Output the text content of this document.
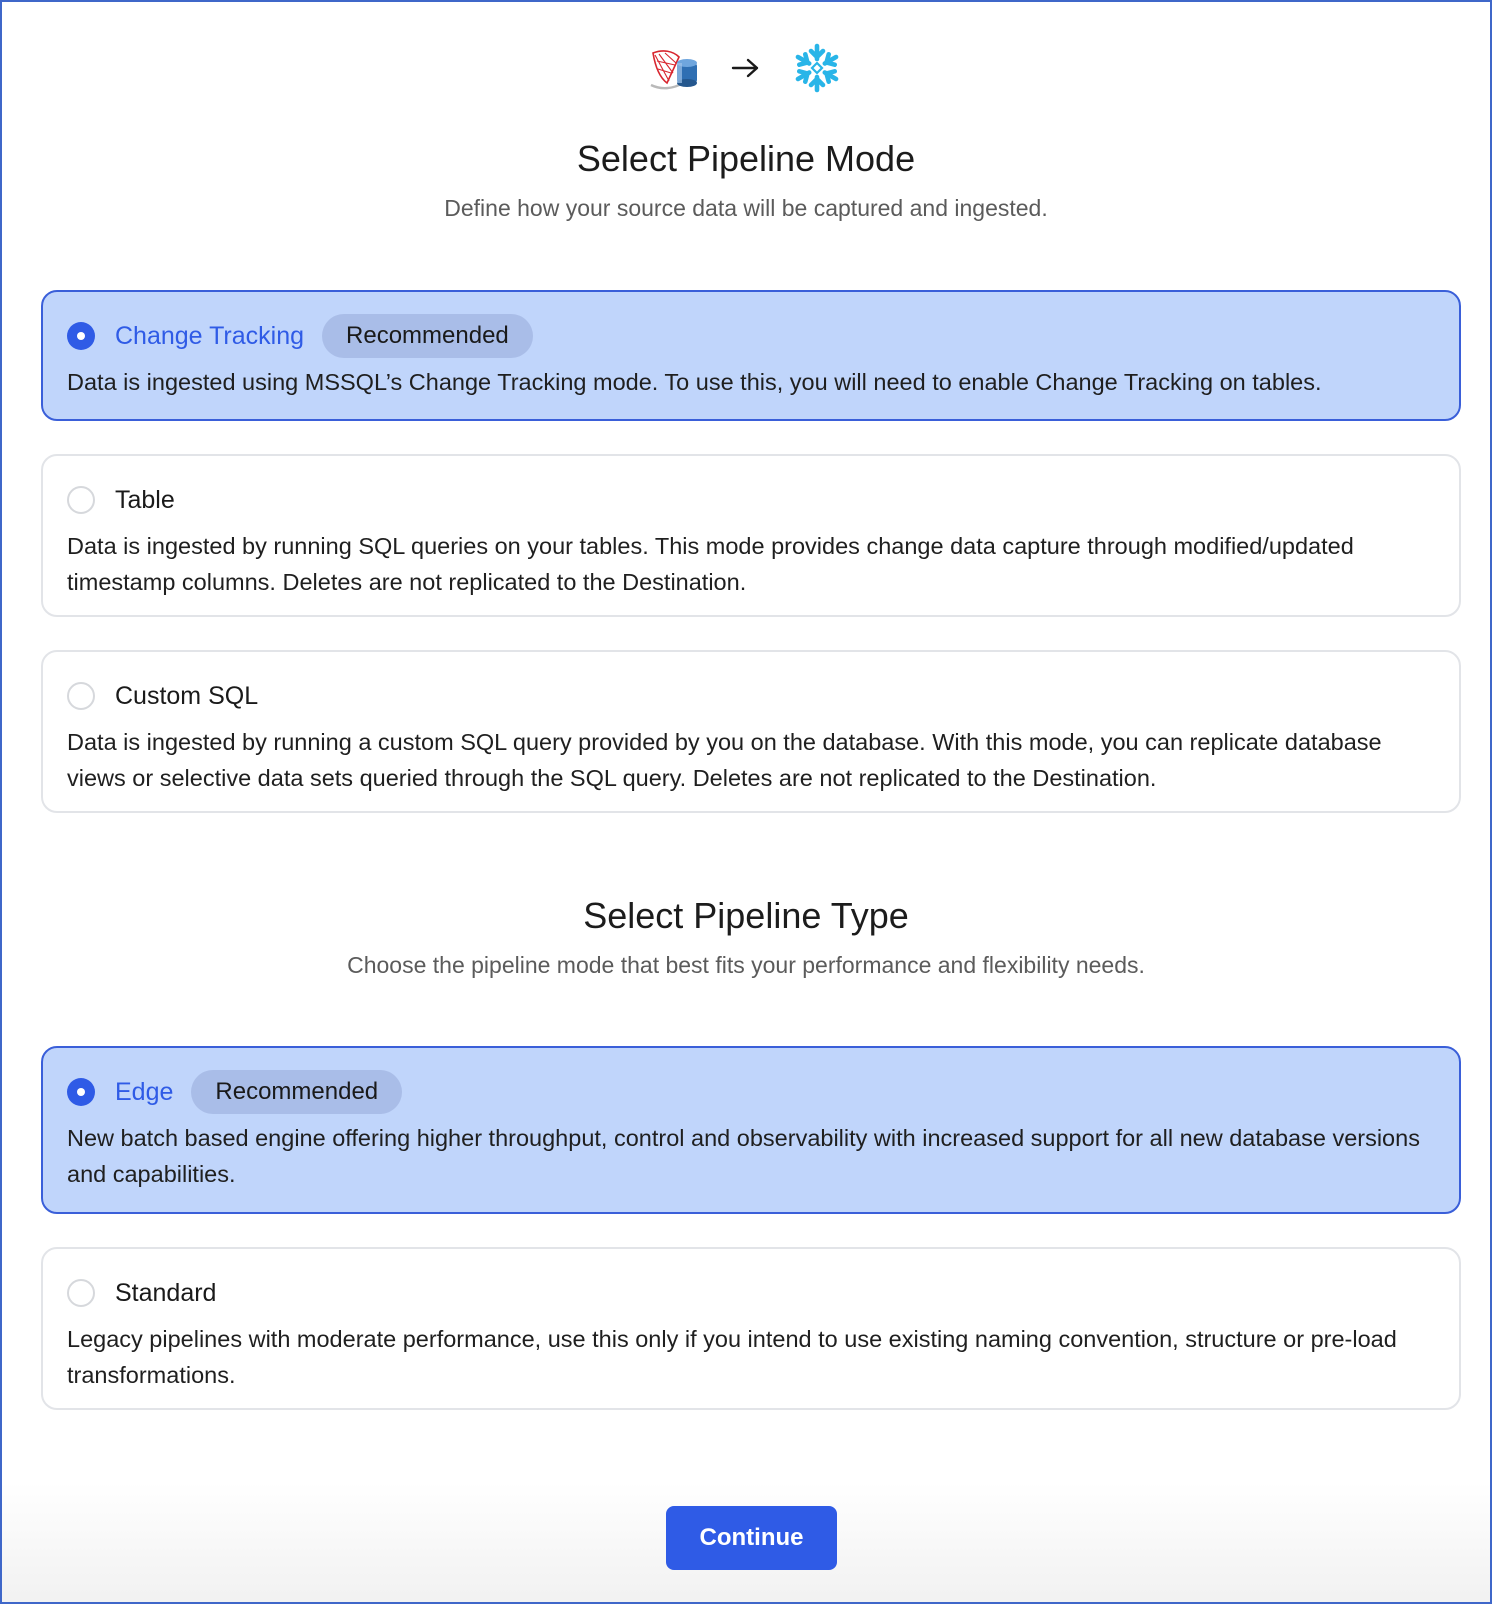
Select Pipeline Mode
Define how your source data will be captured and ingested.
Change Tracking	Recommended
Data is ingested using MSSQL’s Change Tracking mode. To use this, you will need to enable Change Tracking on tables.
Table
Data is ingested by running SQL queries on your tables. This mode provides change data capture through modified/updated timestamp columns. Deletes are not replicated to the Destination.
Custom SQL
Data is ingested by running a custom SQL query provided by you on the database. With this mode, you can replicate database views or selective data sets queried through the SQL query. Deletes are not replicated to the Destination.
Select Pipeline Type
Choose the pipeline mode that best fits your performance and flexibility needs.
Edge	Recommended
New batch based engine offering higher throughput, control and observability with increased support for all new database versions and capabilities.
Standard
Legacy pipelines with moderate performance, use this only if you intend to use existing naming convention, structure or pre-load transformations.
Continue
